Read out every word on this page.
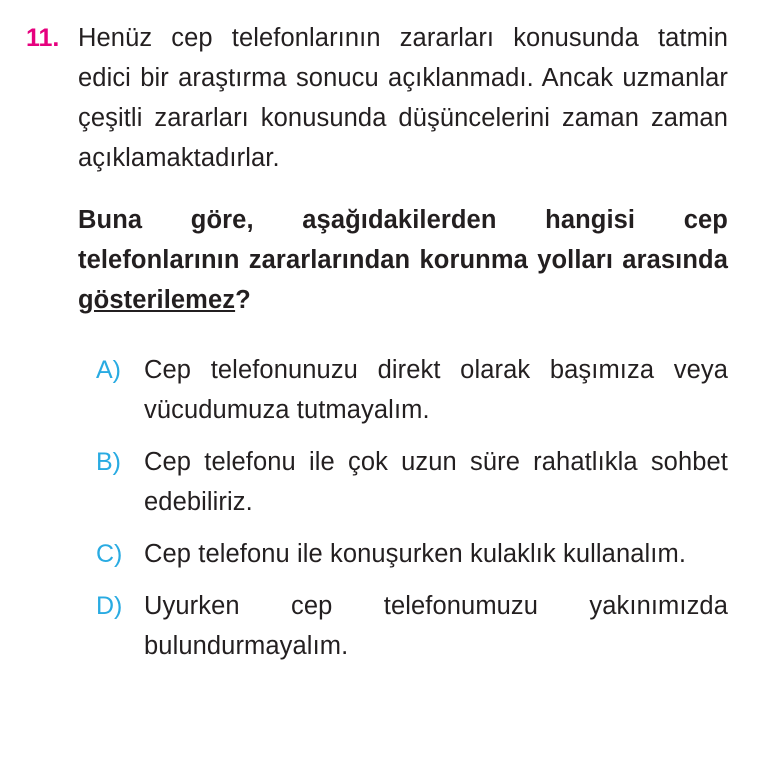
11. Henüz cep telefonlarının zararları konusunda tatmin edici bir araştırma sonucu açıklanmadı. Ancak uzmanlar çeşitli zararları konusunda düşüncelerini zaman zaman açıklamaktadırlar.
Buna göre, aşağıdakilerden hangisi cep telefonlarının zararlarından korunma yolları arasında gösterilemez?
A) Cep telefonunuzu direkt olarak başımıza veya vücudumuza tutmayalım.
B) Cep telefonu ile çok uzun süre rahatlıkla sohbet edebiliriz.
C) Cep telefonu ile konuşurken kulaklık kullanalım.
D) Uyurken cep telefonumuzu yakınımızda bulundurmayalım.
